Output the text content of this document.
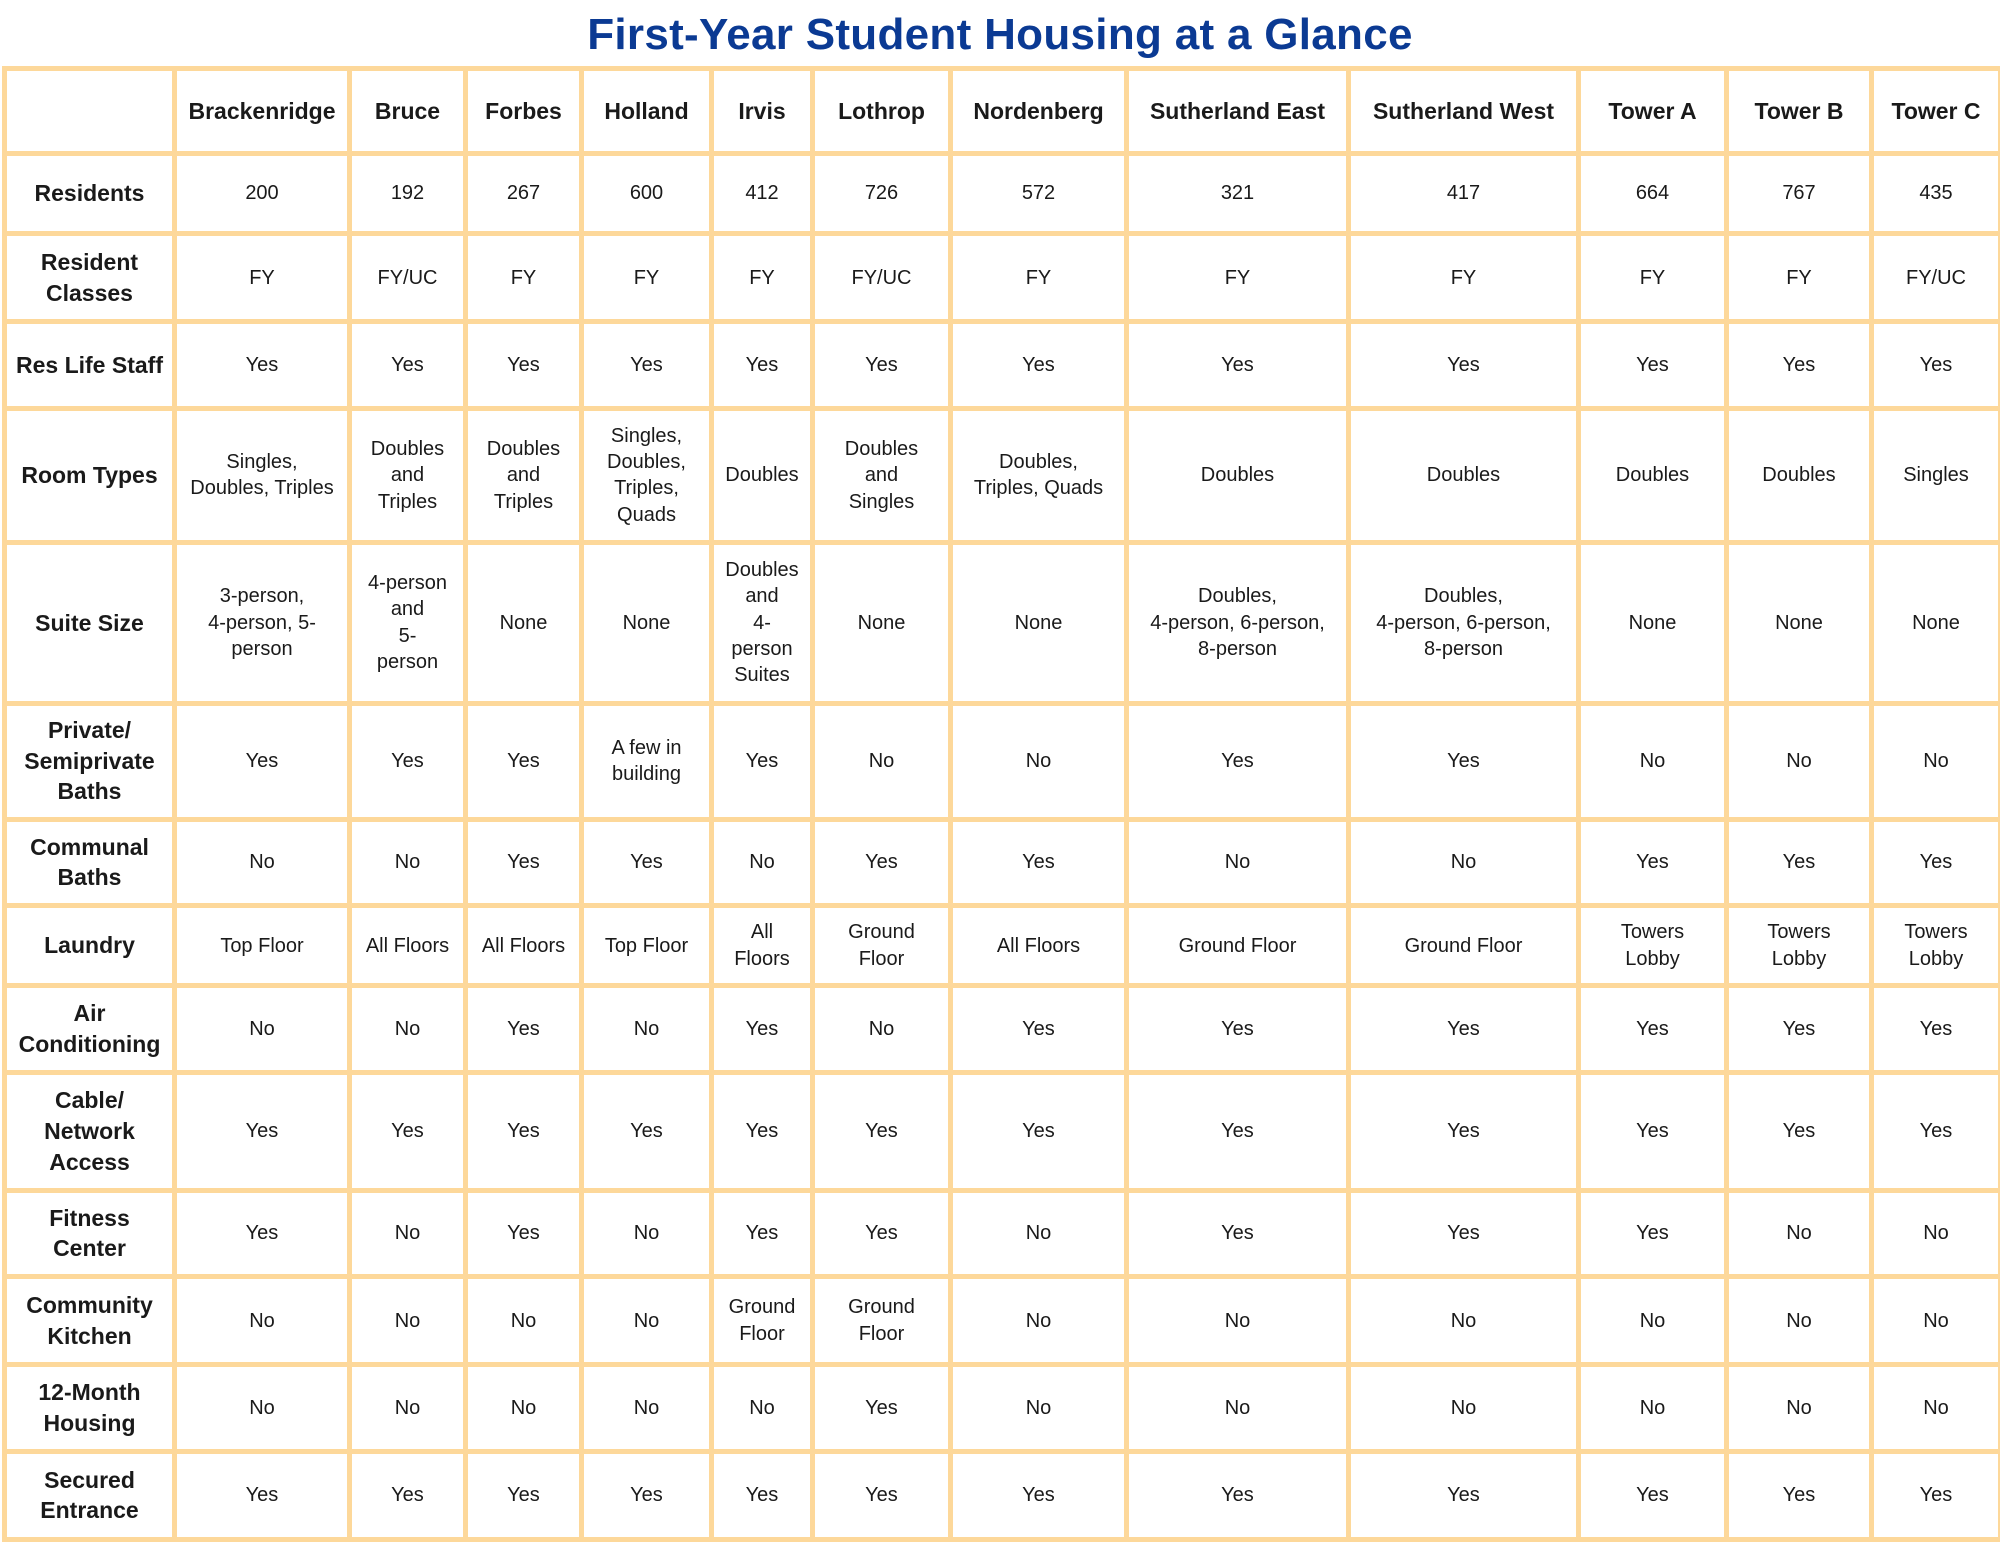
First-Year Student Housing at a Glance
	Brackenridge	Bruce	Forbes	Holland	Irvis	Lothrop	Nordenberg	Sutherland East	Sutherland West	Tower A	Tower B	Tower C
Residents	200	192	267	600	412	726	572	321	417	664	767	435
Resident
Classes	FY	FY/UC	FY	FY	FY	FY/UC	FY	FY	FY	FY	FY	FY/UC
Res Life Staff	Yes	Yes	Yes	Yes	Yes	Yes	Yes	Yes	Yes	Yes	Yes	Yes
Room Types	Singles,
Doubles, Triples	Doubles
and
Triples	Doubles
and
Triples	Singles,
Doubles,
Triples,
Quads	Doubles	Doubles
and
Singles	Doubles,
Triples, Quads	Doubles	Doubles	Doubles	Doubles	Singles
Suite Size	3-person,
4-person, 5-
person	4-person
and
5-
person	None	None	Doubles
and
4-
person
Suites	None	None	Doubles,
4-person, 6-person,
8-person	Doubles,
4-person, 6-person,
8-person	None	None	None
Private/
Semiprivate
Baths	Yes	Yes	Yes	A few in
building	Yes	No	No	Yes	Yes	No	No	No
Communal
Baths	No	No	Yes	Yes	No	Yes	Yes	No	No	Yes	Yes	Yes
Laundry	Top Floor	All Floors	All Floors	Top Floor	All
Floors	Ground
Floor	All Floors	Ground Floor	Ground Floor	Towers
Lobby	Towers
Lobby	Towers
Lobby
Air
Conditioning	No	No	Yes	No	Yes	No	Yes	Yes	Yes	Yes	Yes	Yes
Cable/
Network
Access	Yes	Yes	Yes	Yes	Yes	Yes	Yes	Yes	Yes	Yes	Yes	Yes
Fitness
Center	Yes	No	Yes	No	Yes	Yes	No	Yes	Yes	Yes	No	No
Community
Kitchen	No	No	No	No	Ground
Floor	Ground
Floor	No	No	No	No	No	No
12-Month
Housing	No	No	No	No	No	Yes	No	No	No	No	No	No
Secured
Entrance	Yes	Yes	Yes	Yes	Yes	Yes	Yes	Yes	Yes	Yes	Yes	Yes
